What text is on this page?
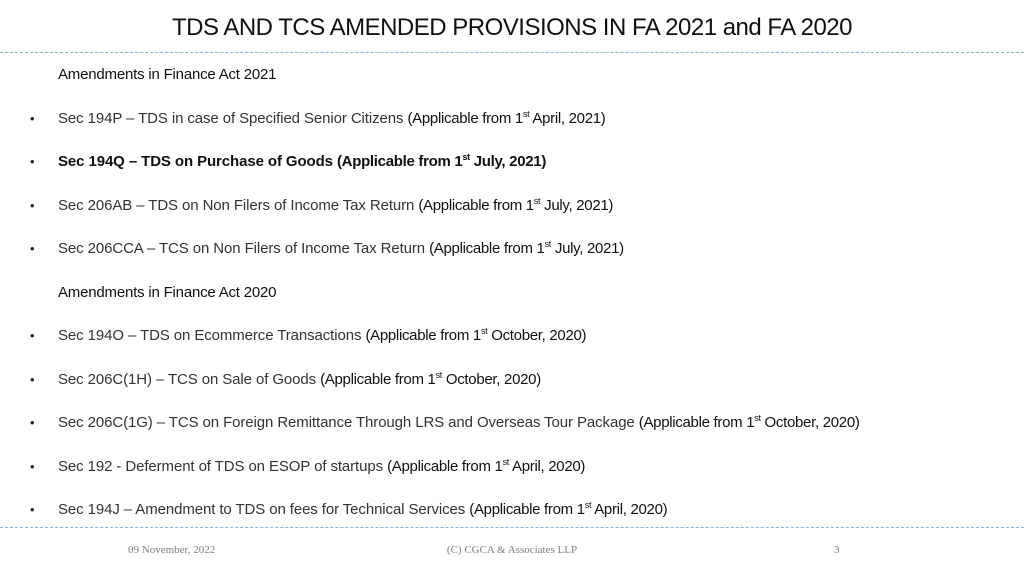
TDS AND TCS AMENDED PROVISIONS IN FA 2021 and FA 2020
Amendments in Finance Act 2021
• Sec 194P – TDS in case of Specified Senior Citizens (Applicable from 1st April, 2021)
• Sec 194Q – TDS on Purchase of Goods (Applicable from 1st July, 2021)
• Sec 206AB – TDS on Non Filers of Income Tax Return (Applicable from 1st July, 2021)
• Sec 206CCA – TCS on Non Filers of Income Tax Return (Applicable from 1st July, 2021)
Amendments in Finance Act 2020
• Sec 194O – TDS on Ecommerce Transactions (Applicable from 1st October, 2020)
• Sec 206C(1H) – TCS on Sale of Goods (Applicable from 1st October, 2020)
• Sec 206C(1G) – TCS on Foreign Remittance Through LRS and Overseas Tour Package (Applicable from 1st October, 2020)
• Sec 192 - Deferment of TDS on ESOP of startups (Applicable from 1st April, 2020)
• Sec 194J – Amendment to TDS on fees for Technical Services (Applicable from 1st April, 2020)
09 November, 2022	(C) CGCA & Associates LLP	3
